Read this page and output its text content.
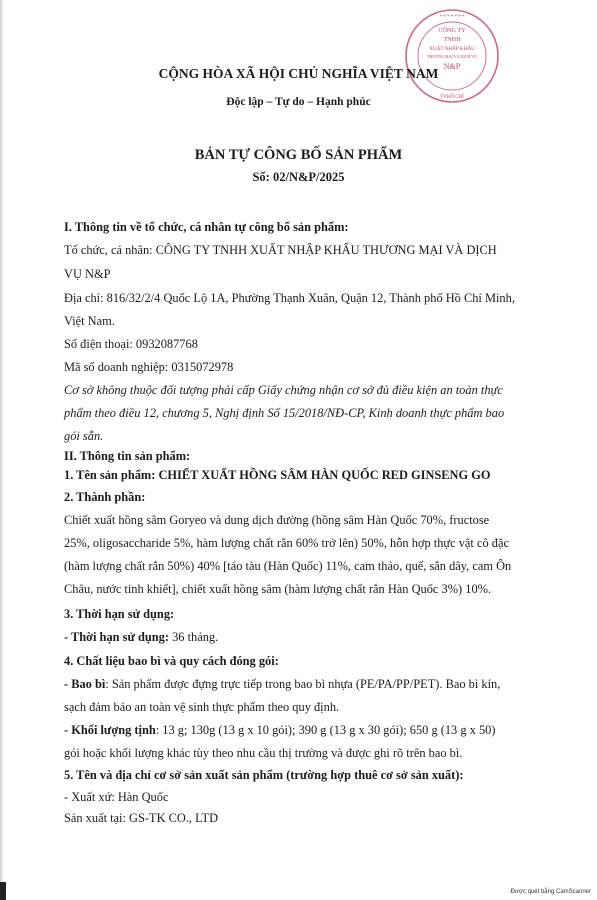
CÔNG TY
TNHH
XUẤT NHẬP KHẨU
THƯƠNG MẠI VÀ DỊCH VỤ
N&P
TP.HỒ CHÍ
* * * * * * *
CỘNG HÒA XÃ HỘI CHỦ NGHĨA VIỆT NAM
Độc lập – Tự do – Hạnh phúc
BẢN TỰ CÔNG BỐ SẢN PHẨM
Số: 02/N&P/2025
I. Thông tin về tổ chức, cá nhân tự công bố sản phẩm:
Tổ chức, cá nhân: CÔNG TY TNHH XUẤT NHẬP KHẨU THƯƠNG MẠI VÀ DỊCH
VỤ N&P
Địa chỉ: 816/32/2/4 Quốc Lộ 1A, Phường Thạnh Xuân, Quận 12, Thành phố Hồ Chí Minh,
Việt Nam.
Số điện thoại: 0932087768
Mã số doanh nghiệp: 0315072978
Cơ sở không thuộc đối tượng phải cấp Giấy chứng nhận cơ sở đủ điều kiện an toàn thực
phẩm theo điều 12, chương 5, Nghị định Số 15/2018/NĐ-CP, Kinh doanh thực phẩm bao
gói sẵn.
II. Thông tin sản phẩm:
1. Tên sản phẩm: CHIẾT XUẤT HỒNG SÂM HÀN QUỐC RED GINSENG GO
2. Thành phần:
Chiết xuất hồng sâm Goryeo và dung dịch đường (hồng sâm Hàn Quốc 70%, fructose
25%, oligosaccharide 5%, hàm lượng chất rắn 60% trở lên) 50%, hỗn hợp thực vật cô đặc
(hàm lượng chất rắn 50%) 40% [táo tàu (Hàn Quốc) 11%, cam thảo, quế, sắn dây, cam Ôn
Châu, nước tinh khiết], chiết xuất hồng sâm (hàm lượng chất rắn Hàn Quốc 3%) 10%.
3. Thời hạn sử dụng:
- Thời hạn sử dụng: 36 tháng.
4. Chất liệu bao bì và quy cách đóng gói:
- Bao bì: Sản phẩm được đựng trực tiếp trong bao bì nhựa (PE/PA/PP/PET). Bao bì kín,
sạch đảm bảo an toàn vệ sinh thực phẩm theo quy định.
- Khối lượng tịnh: 13 g; 130g (13 g x 10 gói); 390 g (13 g x 30 gói); 650 g (13 g x 50)
gói hoặc khối lượng khác tùy theo nhu cầu thị trường và được ghi rõ trên bao bì.
5. Tên và địa chỉ cơ sở sản xuất sản phẩm (trường hợp thuê cơ sở sản xuất):
- Xuất xứ: Hàn Quốc
Sản xuất tại: GS-TK CO., LTD
Được quét bằng CamScanner
